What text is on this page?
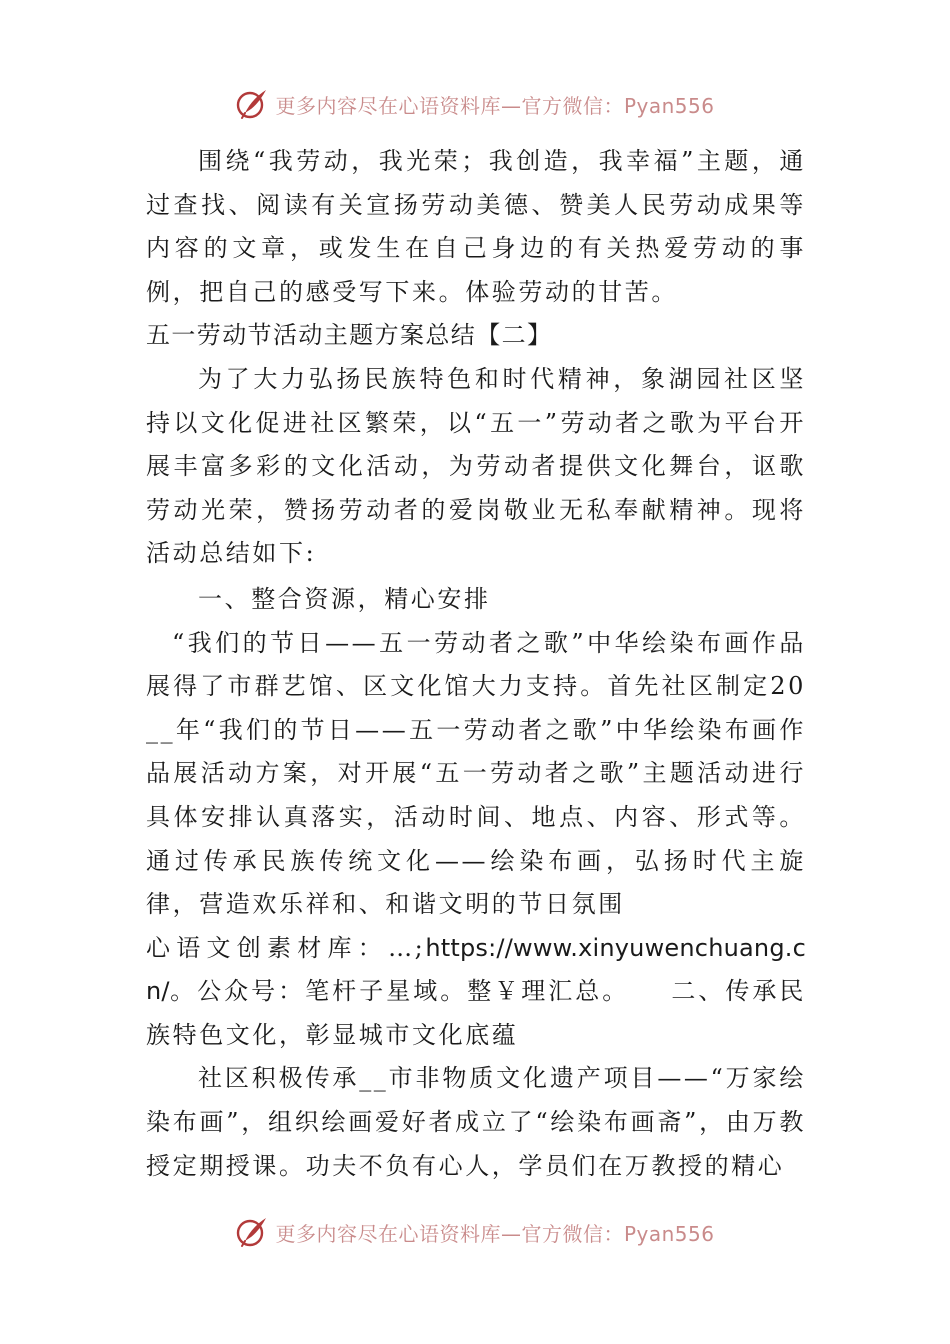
更多内容尽在心语资料库—官方微信：Pyan556

围绕“我劳动，我光荣；我创造，我幸福”主题，通过查找、阅读有关宣扬劳动美德、赞美人民劳动成果等内容的文章，或发生在自己身边的有关热爱劳动的事例，把自己的感受写下来。体验劳动的甘苦。

五一劳动节活动主题方案总结【二】

为了大力弘扬民族特色和时代精神，象湖园社区坚持以文化促进社区繁荣，以“五一”劳动者之歌为平台开展丰富多彩的文化活动，为劳动者提供文化舞台，讴歌劳动光荣，赞扬劳动者的爱岗敬业无私奉献精神。现将活动总结如下:

一、整合资源，精心安排

“我们的节日——五一劳动者之歌”中华绘染布画作品展得了市群艺馆、区文化馆大力支持。首先社区制定20__年“我们的节日——五一劳动者之歌”中华绘染布画作品展活动方案，对开展“五一劳动者之歌”主题活动进行具体安排认真落实，活动时间、地点、内容、形式等。通过传承民族传统文化——绘染布画，弘扬时代主旋律，营造欢乐祥和、和谐文明的节日氛围

心语文创素材库：…;https://www.xinyuwenchuang.cn/。公众号：笔杆子星域。整￥理汇总。　　二、传承民族特色文化，彰显城市文化底蕴

社区积极传承__市非物质文化遗产项目——“万家绘染布画”，组织绘画爱好者成立了“绘染布画斋”，由万教授定期授课。功夫不负有心人，学员们在万教授的精心

更多内容尽在心语资料库—官方微信：Pyan556
